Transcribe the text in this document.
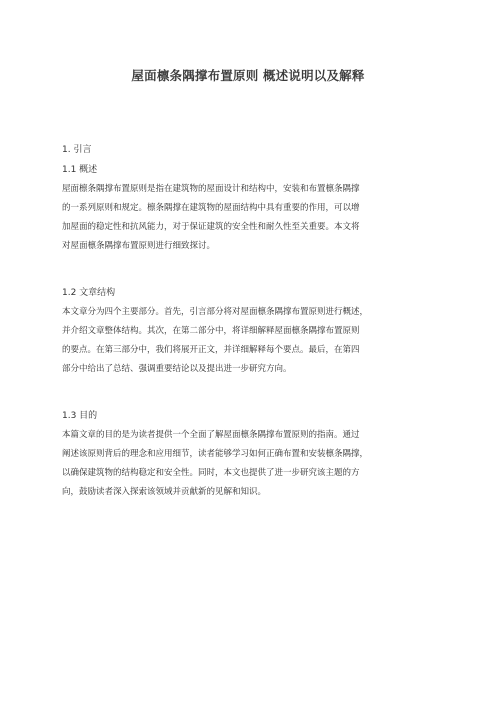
屋面檩条隅撑布置原则 概述说明以及解释
1. 引言
1.1 概述
屋面檩条隅撑布置原则是指在建筑物的屋面设计和结构中，安装和布置檩条隅撑
的一系列原则和规定。檩条隅撑在建筑物的屋面结构中具有重要的作用，可以增
加屋面的稳定性和抗风能力，对于保证建筑的安全性和耐久性至关重要。本文将
对屋面檩条隅撑布置原则进行细致探讨。
1.2 文章结构
本文章分为四个主要部分。首先，引言部分将对屋面檩条隅撑布置原则进行概述，
并介绍文章整体结构。其次，在第二部分中，将详细解释屋面檩条隅撑布置原则
的要点。在第三部分中，我们将展开正文，并详细解释每个要点。最后，在第四
部分中给出了总结、强调重要结论以及提出进一步研究方向。
1.3 目的
本篇文章的目的是为读者提供一个全面了解屋面檩条隅撑布置原则的指南。通过
阐述该原则背后的理念和应用细节，读者能够学习如何正确布置和安装檩条隅撑，
以确保建筑物的结构稳定和安全性。同时，本文也提供了进一步研究该主题的方
向，鼓励读者深入探索该领域并贡献新的见解和知识。
